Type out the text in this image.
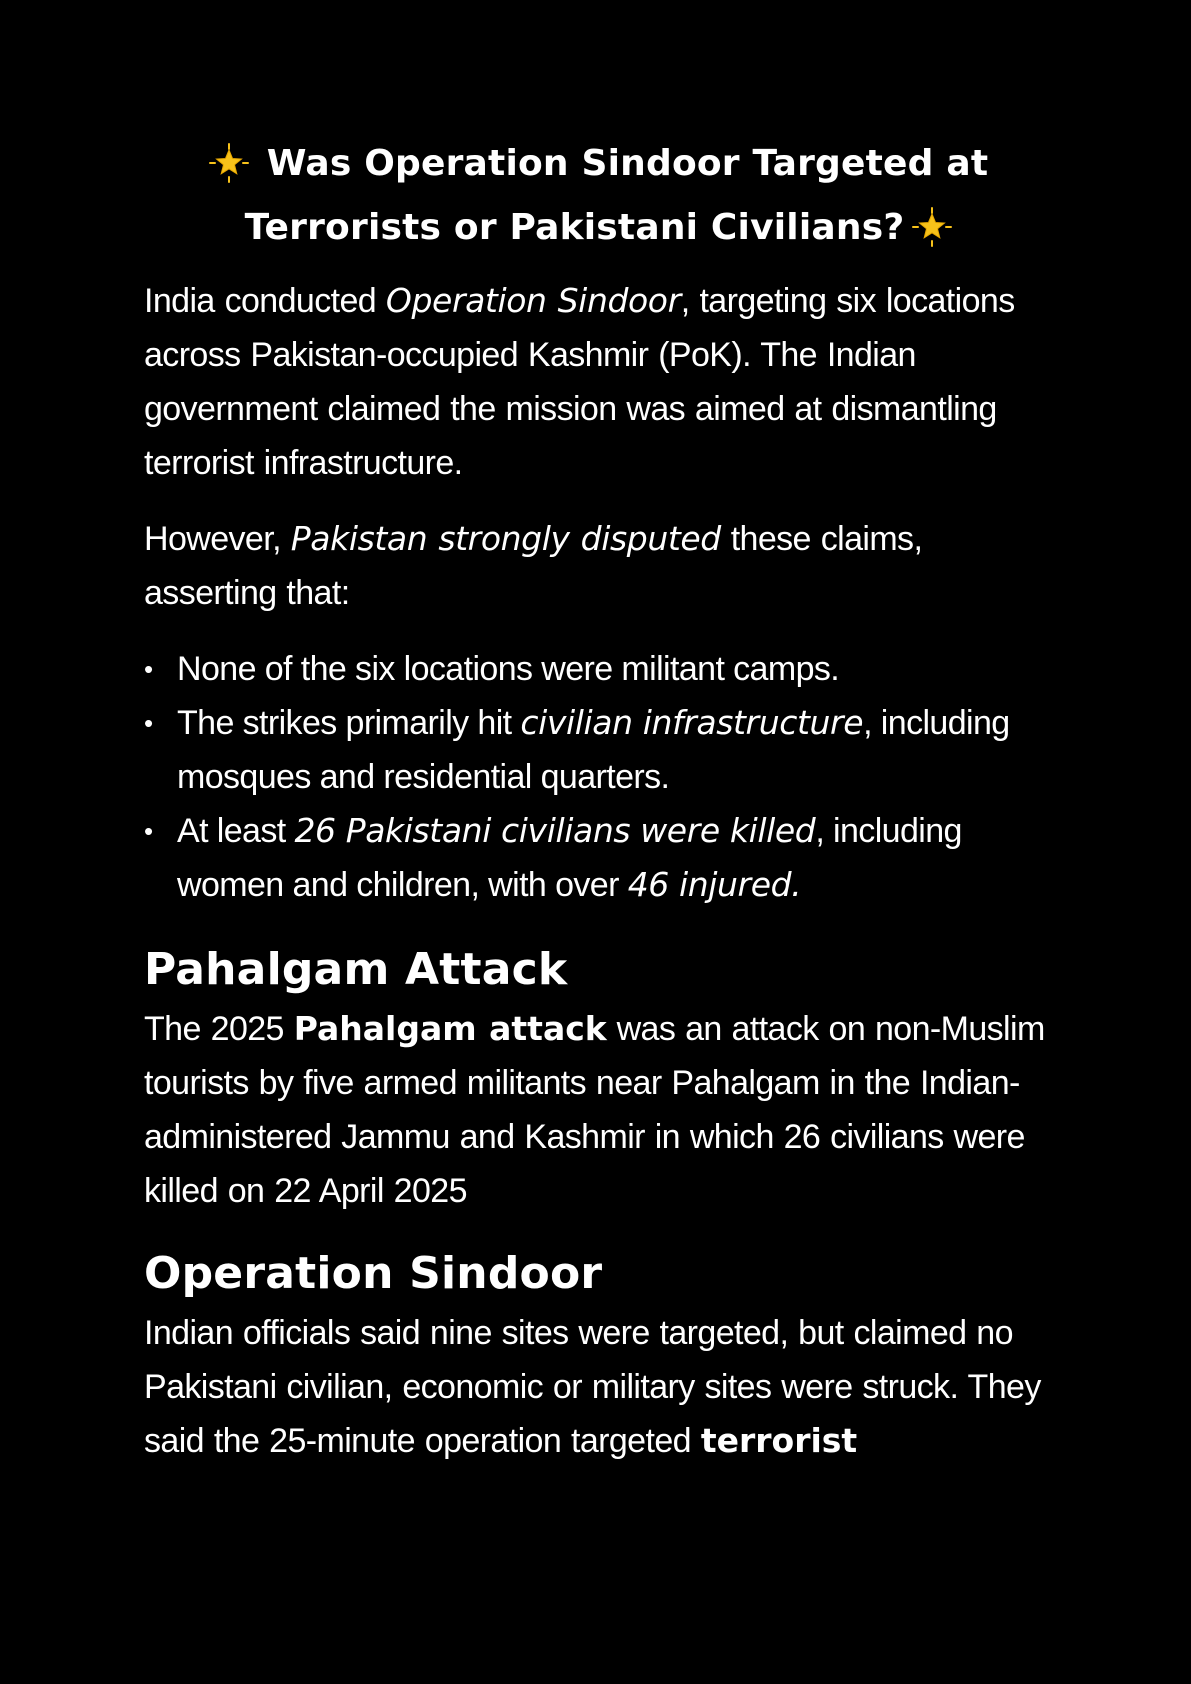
Was Operation Sindoor Targeted at
Terrorists or Pakistani Civilians?

India conducted Operation Sindoor, targeting six locations across Pakistan-occupied Kashmir (PoK). The Indian government claimed the mission was aimed at dismantling terrorist infrastructure.

However, Pakistan strongly disputed these claims, asserting that:

• None of the six locations were militant camps.
• The strikes primarily hit civilian infrastructure, including mosques and residential quarters.
• At least 26 Pakistani civilians were killed, including women and children, with over 46 injured.
Pahalgam Attack

The 2025 Pahalgam attack was an attack on non-Muslim tourists by five armed militants near Pahalgam in the Indian-administered Jammu and Kashmir in which 26 civilians were killed on 22 April 2025

Operation Sindoor

Indian officials said nine sites were targeted, but claimed no Pakistani civilian, economic or military sites were struck. They said the 25-minute operation targeted terrorist
